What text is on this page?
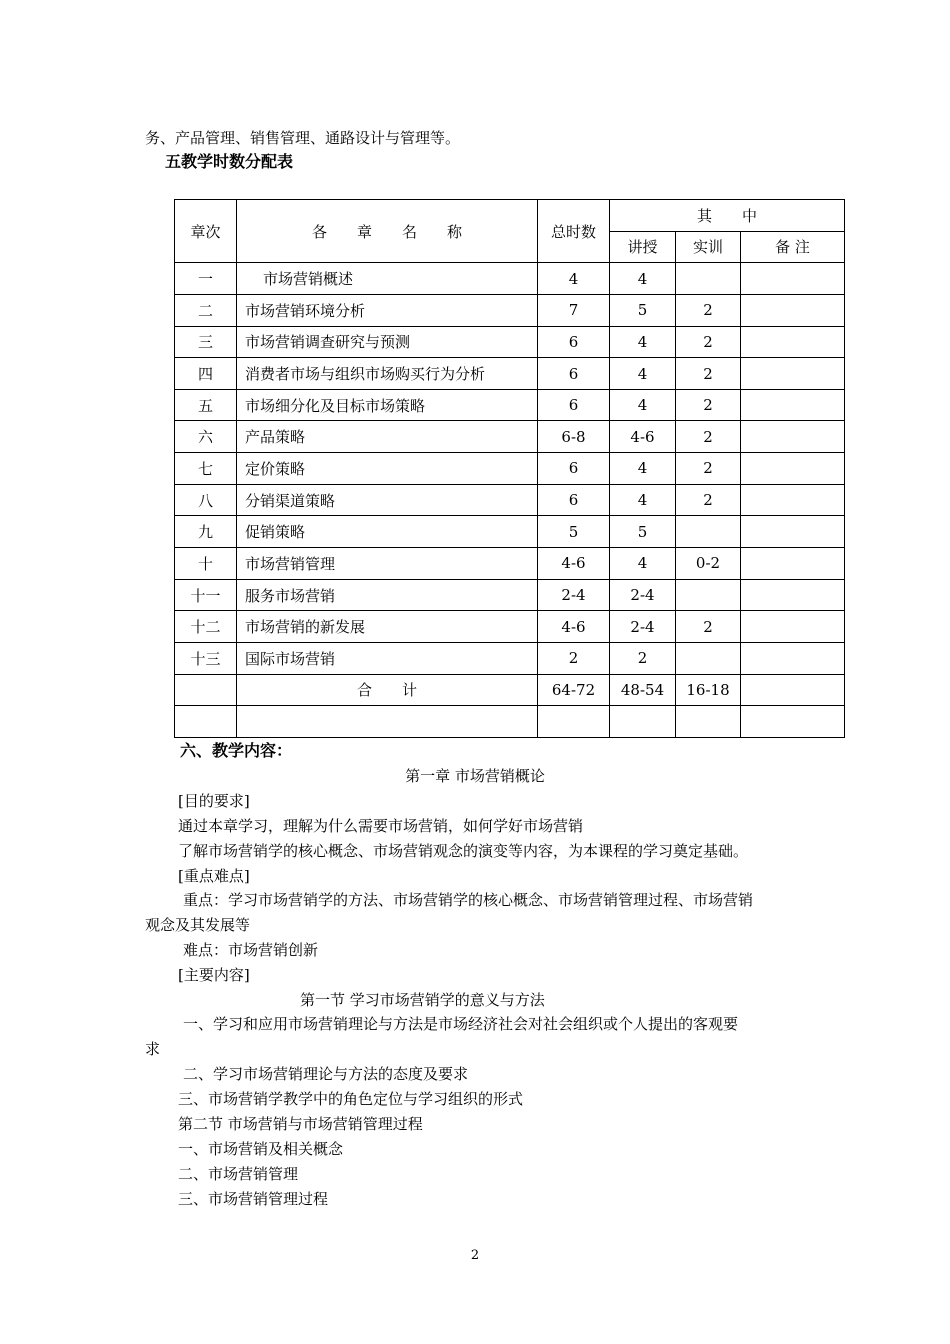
务、产品管理、销售管理、通路设计与管理等。
五教学时数分配表
章次	各　　章　　名　　称	总时数	其　　中		
			讲授	实训	备 注
一	市场营销概述	4	4		
二	市场营销环境分析	7	5	2	
三	市场营销调查研究与预测	6	4	2	
四	消费者市场与组织市场购买行为分析	6	4	2	
五	市场细分化及目标市场策略	6	4	2	
六	产品策略	6-8	4-6	2	
七	定价策略	6	4	2	
八	分销渠道策略	6	4	2	
九	促销策略	5	5		
十	市场营销管理	4-6	4	0-2	
十一	服务市场营销	2-4	2-4		
十二	市场营销的新发展	4-6	2-4	2	
十三	国际市场营销	2	2		
	合　　计	64-72	48-54	16-18	

六、教学内容：
第一章 市场营销概论
[目的要求]
通过本章学习，理解为什么需要市场营销，如何学好市场营销
了解市场营销学的核心概念、市场营销观念的演变等内容，为本课程的学习奠定基础。
[重点难点]
重点：学习市场营销学的方法、市场营销学的核心概念、市场营销管理过程、市场营销
观念及其发展等
难点：市场营销创新
[主要内容]
第一节 学习市场营销学的意义与方法
一、学习和应用市场营销理论与方法是市场经济社会对社会组织或个人提出的客观要
求
二、学习市场营销理论与方法的态度及要求
三、市场营销学教学中的角色定位与学习组织的形式
第二节 市场营销与市场营销管理过程
一、市场营销及相关概念
二、市场营销管理
三、市场营销管理过程
2
